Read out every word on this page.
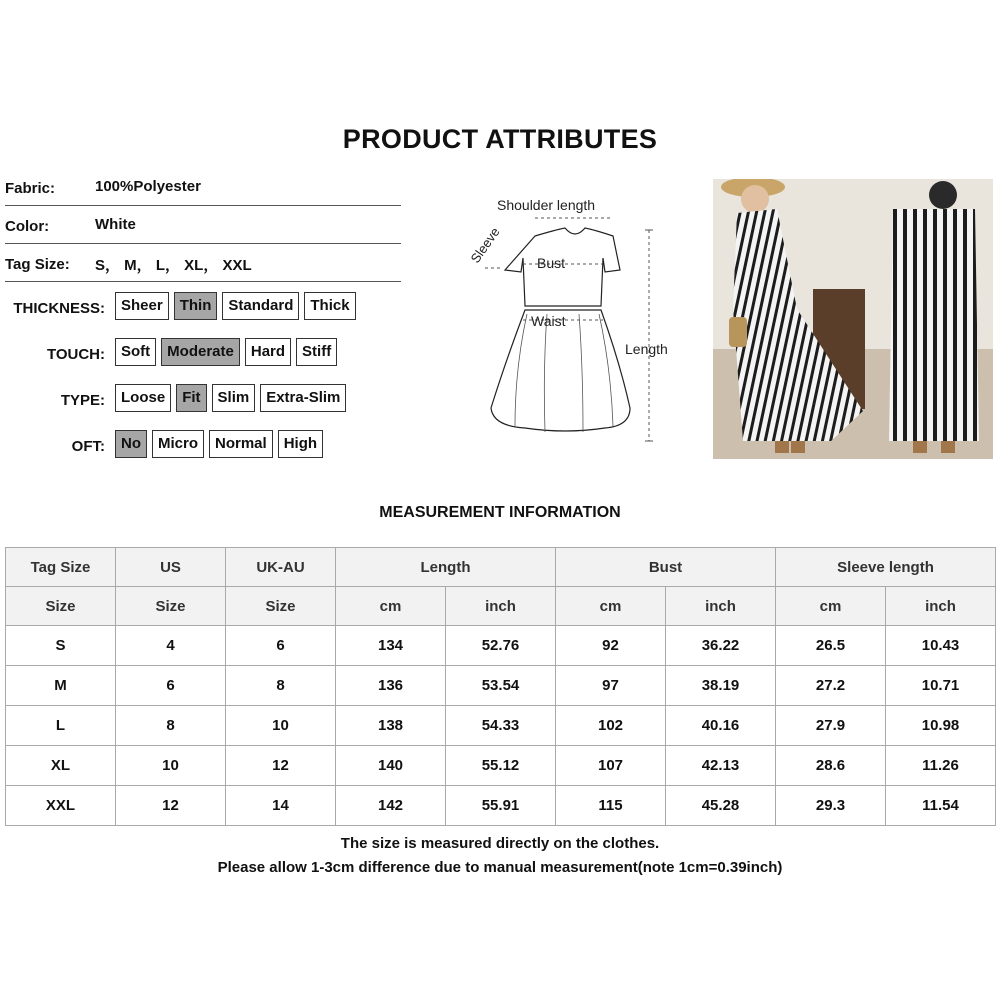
PRODUCT ATTRIBUTES
Fabric:	100%Polyester
Color:	White
Tag Size: S， M， L， XL， XXL
THICKNESS:	Sheer	Thin	Standard	Thick
TOUCH:	Soft	Moderate	Hard	Stiff
TYPE:	Loose	Fit	Slim	Extra-Slim
OFT:	No	Micro	Normal	High
Shoulder length
Sleeve Bust
Waist
Length
MEASUREMENT INFORMATION
Tag Size	US	UK-AU	Length		Bust		Sleeve length	
Size	Size	Size	cm	inch	cm	inch	cm	inch
S	4	6	134	52.76	92	36.22	26.5	10.43
M	6	8	136	53.54	97	38.19	27.2	10.71
L	8	10	138	54.33	102	40.16	27.9	10.98
XL	10	12	140	55.12	107	42.13	28.6	11.26
XXL	12	14	142	55.91	115	45.28	29.3	11.54
The size is measured directly on the clothes.
Please allow 1-3cm difference due to manual measurement(note 1cm=0.39inch)
